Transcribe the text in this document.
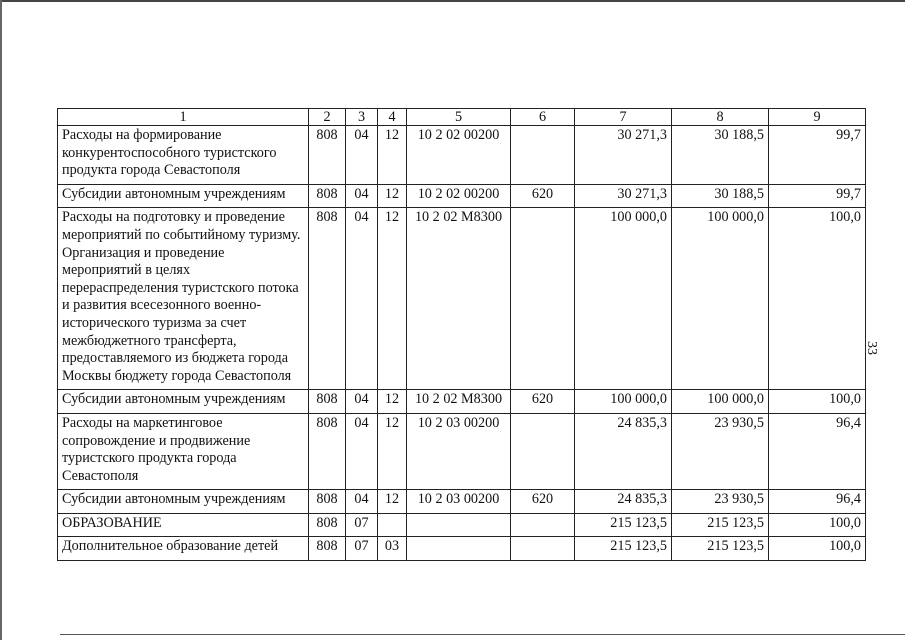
33
1	2	3	4	5	6	7	8	9
Расходы на формирование конкурентоспособного туристского продукта города Севастополя	808	04	12	10 2 02 00200		30 271,3	30 188,5	99,7
Субсидии автономным учреждениям	808	04	12	10 2 02 00200	620	30 271,3	30 188,5	99,7
Расходы на подготовку и проведение мероприятий по событийному туризму. Организация и проведение мероприятий в целях перераспределения туристского потока и развития всесезонного военно-исторического туризма за счет межбюджетного трансферта, предоставляемого из бюджета города Москвы бюджету города Севастополя	808	04	12	10 2 02 М8300		100 000,0	100 000,0	100,0
Субсидии автономным учреждениям	808	04	12	10 2 02 М8300	620	100 000,0	100 000,0	100,0
Расходы на маркетинговое сопровождение и продвижение туристского продукта города Севастополя	808	04	12	10 2 03 00200		24 835,3	23 930,5	96,4
Субсидии автономным учреждениям	808	04	12	10 2 03 00200	620	24 835,3	23 930,5	96,4
ОБРАЗОВАНИЕ	808	07				215 123,5	215 123,5	100,0
Дополнительное образование детей	808	07	03			215 123,5	215 123,5	100,0
